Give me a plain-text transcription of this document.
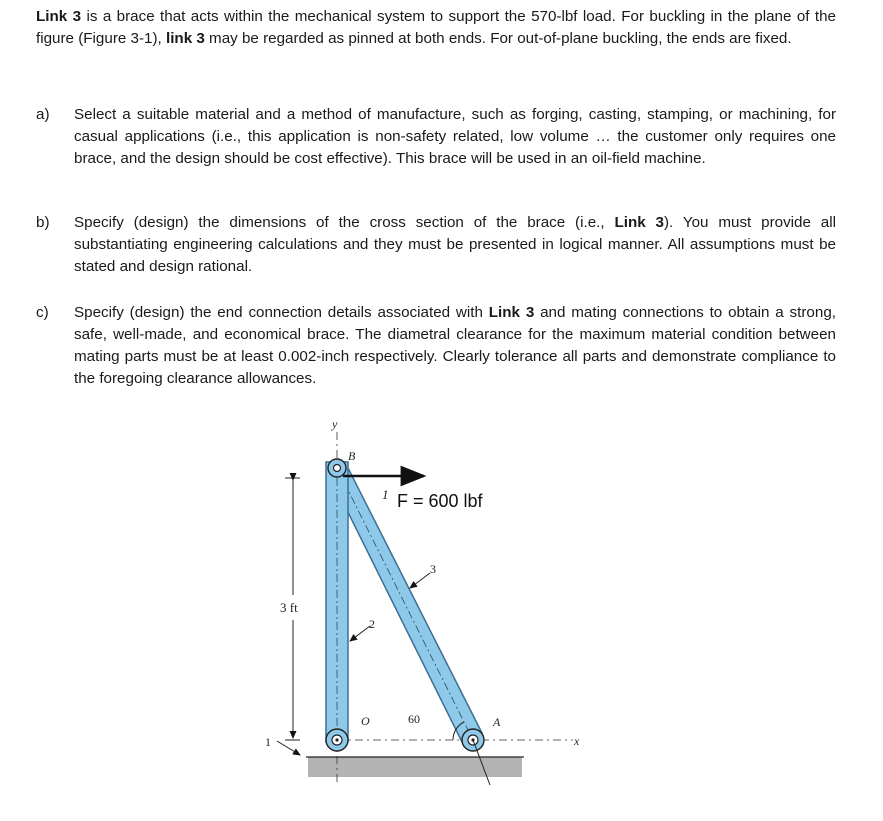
Link 3 is a brace that acts within the mechanical system to support the 570-lbf load. For buckling in the plane of the figure (Figure 3-1), link 3 may be regarded as pinned at both ends. For out-of-plane buckling, the ends are fixed.

a)	Select a suitable material and a method of manufacture, such as forging, casting, stamping, or machining, for casual applications (i.e., this application is non-safety related, low volume … the customer only requires one brace, and the design should be cost effective). This brace will be used in an oil-field machine.
b)	Specify (design) the dimensions of the cross section of the brace (i.e., Link 3). You must provide all substantiating engineering calculations and they must be presented in logical manner. All assumptions must be stated and design rational.
c)	Specify (design) the end connection details associated with Link 3 and mating connections to obtain a strong, safe, well-made, and economical brace. The diametral clearance for the maximum material condition between mating parts must be at least 0.002-inch respectively. Clearly tolerance all parts and demonstrate compliance to the foregoing clearance allowances.
y
B
1 F = 600 lbf
3
2
3 ft
O	60	A
x
1
